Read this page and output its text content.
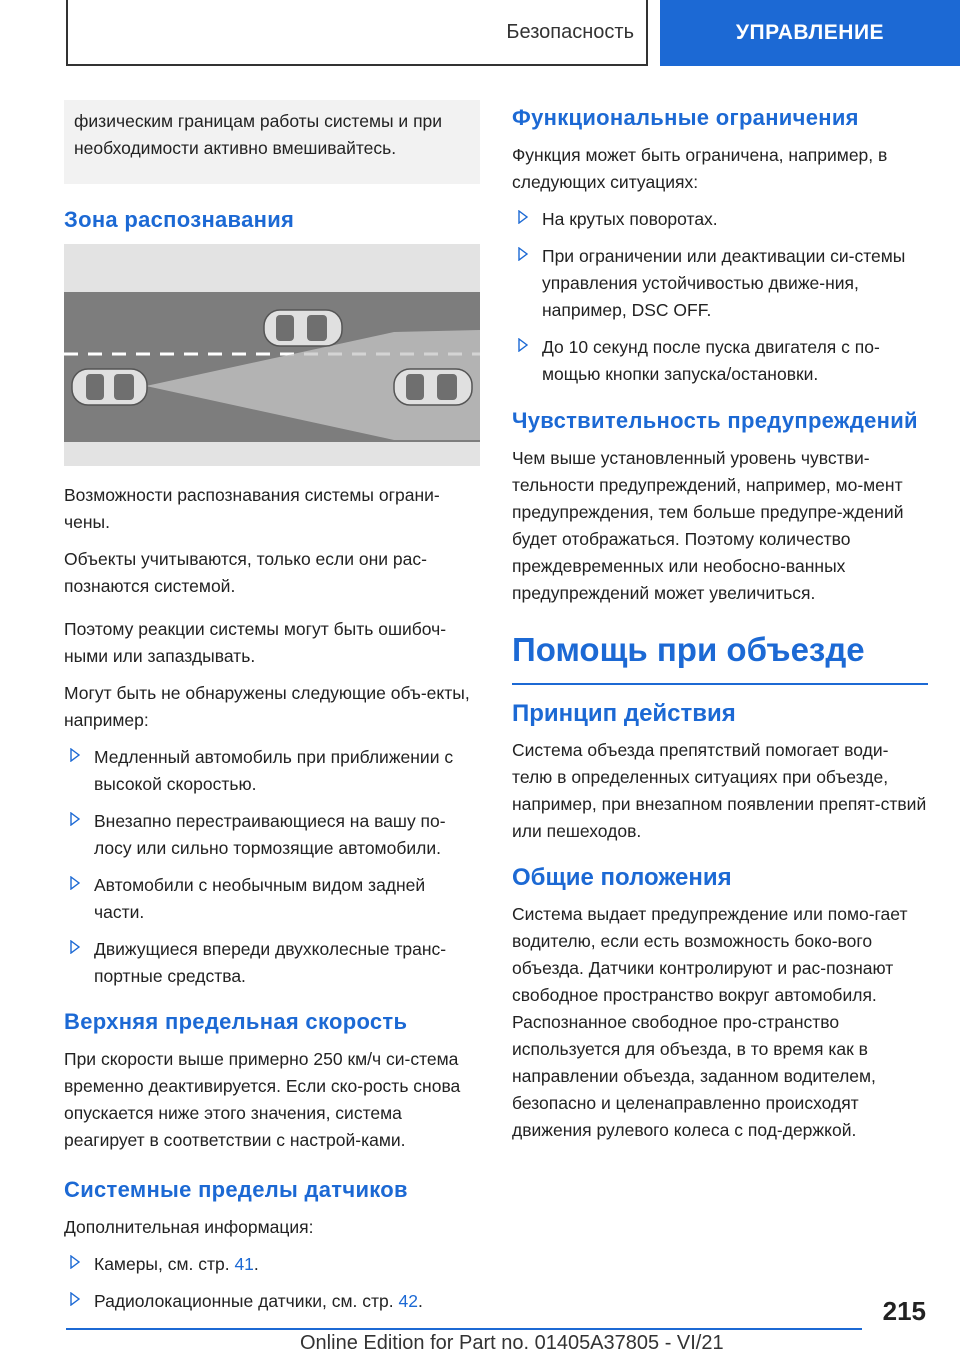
Безопасность	УПРАВЛЕНИЕ
физическим границам работы системы и при необходимости активно вмешивайтесь.
Зона распознавания

Возможности распознавания системы ограни-чены.

Объекты учитываются, только если они рас-познаются системой.

Поэтому реакции системы могут быть ошибоч-ными или запаздывать.

Могут быть не обнаружены следующие объ-екты, например:

Медленный автомобиль при приближении с высокой скоростью.
Внезапно перестраивающиеся на вашу по-лосу или сильно тормозящие автомобили.
Автомобили с необычным видом задней части.
Движущиеся впереди двухколесные транс-портные средства.
Верхняя предельная скорость

При скорости выше примерно 250 км/ч си-стема временно деактивируется. Если ско-рость снова опускается ниже этого значения, система реагирует в соответствии с настрой-ками.

Системные пределы датчиков

Дополнительная информация:

Камеры, см. стр. 41.
Радиолокационные датчики, см. стр. 42.
Функциональные ограничения

Функция может быть ограничена, например, в следующих ситуациях:

На крутых поворотах.
При ограничении или деактивации си-стемы управления устойчивостью движе-ния, например, DSC OFF.
До 10 секунд после пуска двигателя с по-мощью кнопки запуска/остановки.
Чувствительность предупреждений

Чем выше установленный уровень чувстви-тельности предупреждений, например, мо-мент предупреждения, тем больше предупре-ждений будет отображаться. Поэтому количество преждевременных или необосно-ванных предупреждений может увеличиться.

Помощь при объезде
Принцип действия

Система объезда препятствий помогает води-телю в определенных ситуациях при объезде, например, при внезапном появлении препят-ствий или пешеходов.

Общие положения

Система выдает предупреждение или помо-гает водителю, если есть возможность боко-вого объезда. Датчики контролируют и рас-познают свободное пространство вокруг автомобиля. Распознанное свободное про-странство используется для объезда, в то время как в направлении объезда, заданном водителем, безопасно и целенаправленно происходят движения рулевого колеса с под-держкой.

215
Online Edition for Part no. 01405A37805 - VI/21
